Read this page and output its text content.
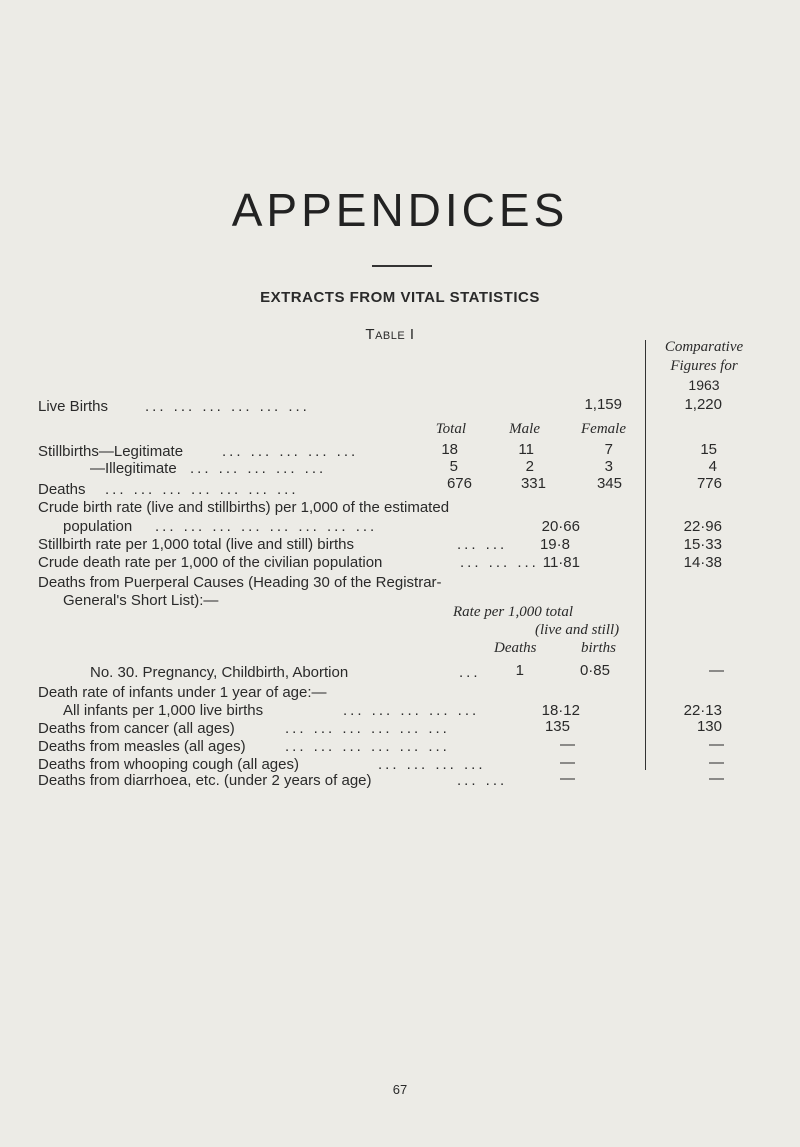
APPENDICES
EXTRACTS FROM VITAL STATISTICS
Table I
Comparative
Figures for
1963
Live Births ... ... ... ... ... ...	1,159	1,220
Total	Male	Female
Stillbirths—Legitimate	... ... ... ... ...	18	11	7	15
—Illegitimate ... ... ... ... ...	5	2	3	4
Deaths ... ... ... ... ... ... ...	676	331	345	776
Crude birth rate (live and stillbirths) per 1,000 of the estimated
population ... ... ... ... ... ... ... ...	20·66	22·96
Stillbirth rate per 1,000 total (live and still) births	... ...	19·8	15·33
Crude death rate per 1,000 of the civilian population	... ... ... 11·81	14·38
Deaths from Puerperal Causes (Heading 30 of the Registrar-
General's Short List):—
Rate per 1,000 total
(live and still)
Deaths	births
No. 30. Pregnancy, Childbirth, Abortion	...	1	0·85	—
Death rate of infants under 1 year of age:—
All infants per 1,000 live births	... ... ... ... ...	18·12	22·13
Deaths from cancer (all ages)	... ... ... ... ... ...	135	130
Deaths from measles (all ages)	... ... ... ... ... ...	—	—
Deaths from whooping cough (all ages)	... ... ... ...	—	—
Deaths from diarrhoea, etc. (under 2 years of age)	... ...	—	—
67
